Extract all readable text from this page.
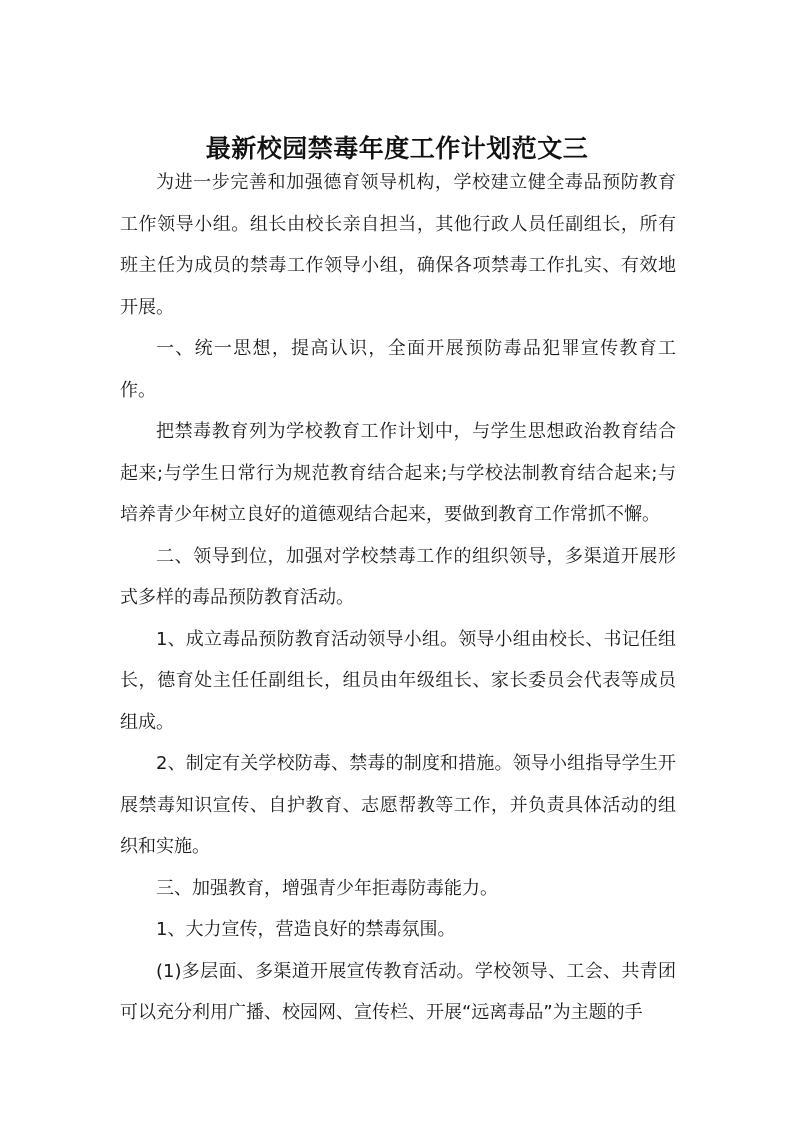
最新校园禁毒年度工作计划范文三

为进一步完善和加强德育领导机构，学校建立健全毒品预防教育工作领导小组。组长由校长亲自担当，其他行政人员任副组长，所有班主任为成员的禁毒工作领导小组，确保各项禁毒工作扎实、有效地开展。

一、统一思想，提高认识，全面开展预防毒品犯罪宣传教育工作。

把禁毒教育列为学校教育工作计划中，与学生思想政治教育结合起来;与学生日常行为规范教育结合起来;与学校法制教育结合起来;与培养青少年树立良好的道德观结合起来，要做到教育工作常抓不懈。

二、领导到位，加强对学校禁毒工作的组织领导，多渠道开展形式多样的毒品预防教育活动。

1、成立毒品预防教育活动领导小组。领导小组由校长、书记任组长，德育处主任任副组长，组员由年级组长、家长委员会代表等成员组成。

2、制定有关学校防毒、禁毒的制度和措施。领导小组指导学生开展禁毒知识宣传、自护教育、志愿帮教等工作，并负责具体活动的组织和实施。

三、加强教育，增强青少年拒毒防毒能力。

1、大力宣传，营造良好的禁毒氛围。

(1)多层面、多渠道开展宣传教育活动。学校领导、工会、共青团可以充分利用广播、校园网、宣传栏、开展“远离毒品”为主题的手
